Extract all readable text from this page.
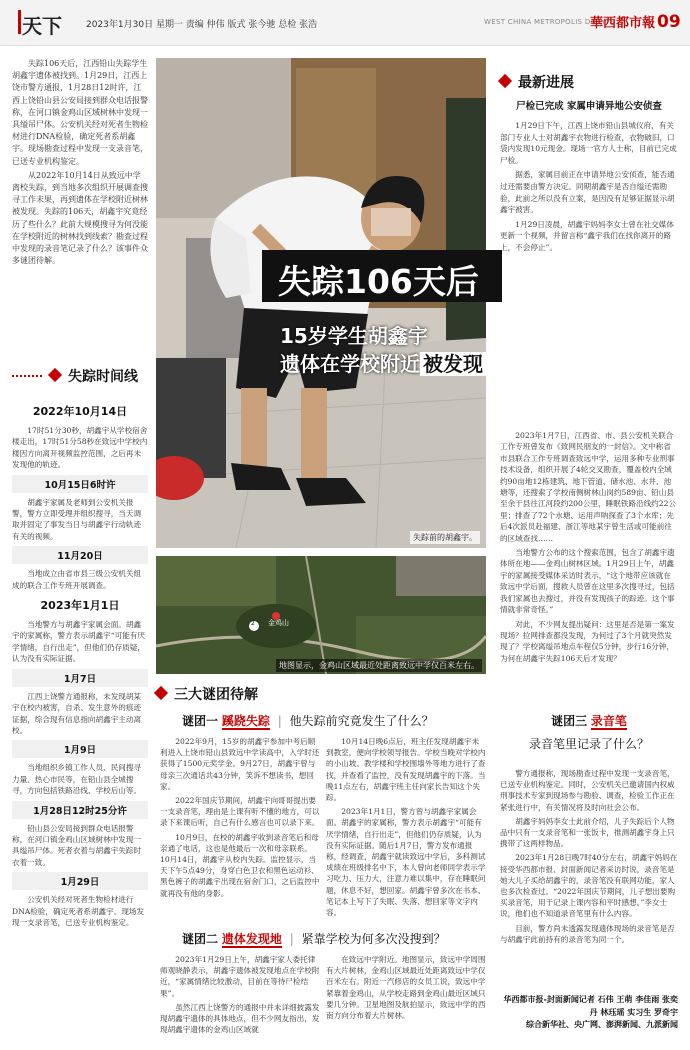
天下	2023年1月30日 星期一 责编 仲伟 版式 张今驰 总检 张浩	WEST CHINA METROPOLIS DAILY
華西都市報 09

失踪106天后，江西铅山失踪学生胡鑫宇遗体被找到。1月29日，江西上饶市警方通报，1月28日12时许，江西上饶铅山县公安局接到群众电话报警称，在河口镇金鸡山区域树林中发现一具缢吊尸体。公安机关经对死者生物检材进行DNA检验，确定死者系胡鑫宇。现场勘查过程中发现一支录音笔，已送专业机构鉴定。

从2022年10月14日从致远中学离校失踪，到当地多次组织开展调查搜寻工作未果，再到遗体在学校附近树林被发现。失踪的106天，胡鑫宇究竟经历了些什么？此前大规模搜寻为何没能在学校附近的树林找到线索？勘查过程中发现的录音笔记录了什么？该事件众多谜团待解。

失踪时间线
2022年10月14日

17时51分30秒，胡鑫宇从学校宿舍楼走出，17时51分58秒在致远中学校内楼因方向离开视频监控范围，之后再未发现他的轨迹。

10月15日6时许

胡鑫宇家属及老师到公安机关报警，警方立即受理并组织搜寻，当天调取并固定了事发当日与胡鑫宇行动轨迹有关的视频。

11月20日

当地成立由省市县三级公安机关组成的联合工作专班开展调查。

2023年1月1日

当地警方与胡鑫宇家属会面。胡鑫宇的家属称，警方表示胡鑫宇“可能有厌学情绪，自行出走”，但他们仍存质疑，认为没有实际证据。

1月7日

江西上饶警方通报称，未发现胡某宇在校内被害，自杀、发生意外的痕迹证据，综合现有信息指向胡鑫宇主动离校。

1月9日

当地组织乡镇工作人员、民间搜寻力量、热心市民等，在铅山县全城搜寻，方向包括铁路沿线、学校后山等。

1月28日12时25分许

铅山县公安局接到群众电话报警称，在河口镇金鸡山区域树林中发现一具缢吊尸体。死者衣着与胡鑫宇失踪时衣着一致。

1月29日

公安机关经对死者生物检材进行DNA检验，确定死者系胡鑫宇。现场发现一支录音笔，已送专业机构鉴定。

失踪前的胡鑫宇。
失踪106天后
15岁学生胡鑫宇
遗体在学校附近 被发现
金鸡山
2
地图显示，金鸡山区域最近处距离致远中学仅百米左右。
最新进展
尸检已完成 家属申请异地公安侦查

1月29日下午，江西上饶市铅山县城仪府，有关部门专业人士对胡鑫宇衣物进行检查，衣物破旧，口袋内发现10元现金。现场一官方人士称，目前已完成尸检。

据悉，家属目前正在申请异地公安侦查，能否通过还需要由警方决定。同期胡鑫宇是否自缢还需勘验，此前之所以没有立案，是因没有足够证据显示胡鑫宇被害。

1月29日凌晨，胡鑫宇妈妈李女士曾在社交媒体更新一个视频，并留言称“鑫宇我们在找你离开的路上，不会停止”。

2023年1月7日，江西省、市、县公安机关联合工作专班曾发布《致网民朋友的一封信》。文中称省市县联合工作专班调查致远中学，运用多种专业刑事技术设备，组织开展了4轮交叉勘查，覆盖校内全域约90亩地12栋建筑、地下管道、储水池、水井、池塘等，还搜索了学校南侧树林山岗约589亩、铅山县至余干县往江河段约200公里，睡眠铁路沿线约22公里；排查了72个水塘、运用声呐探查了3个水库；先后4次派员赴福建、浙江等地某宇曾生活或可能前往的区域查找……

当地警方公布的这个搜索范围，包含了胡鑫宇遗体所在地——金鸡山树林区域。1月29日上午，胡鑫宇的家属接受媒体采访时表示，“这个地带应该就在致远中学后面，搜救人员曾在这里多次搜寻过，包括我们家属也去搜过，并没有发现孩子的踪迹。这个事情就非常奇怪。”

对此，不少网友提出疑问：这里是否是第一案发现场？拉网排查都没发现，为何过了3个月就突然发现了？学校离缢吊地点车程仅5分钟，步行16分钟，为何在胡鑫宇失踪106天后才发现？

三大谜团待解
谜团一 蹊跷失踪 | 他失踪前究竟发生了什么？

2022年9月，15岁的胡鑫宇参加中考后顺利进入上饶市铅山县致远中学读高中，入学时还获得了1500元奖学金。9月27日，胡鑫宇曾与母亲三次通话共43分钟，笑诉不想读书，想回家。

2022年国庆节期间，胡鑫宇向哥哥提出要一支录音笔，理由是上课有听不懂的地方，可以录下来课后听，自己有什么感言也可以录下来。

10月9日，在校的胡鑫宇收到录音笔后和母亲通了电话，这也是他最后一次和母亲联系。10月14日，胡鑫宇从校内失踪。监控显示，当天下午5点49分，身穿白色卫衣和黑色运动衫、黑色裤子的胡鑫宇出现在宿舍门口，之后监控中就再没有他的身影。

10月14日晚6点后，班主任发现胡鑫宇未到教室，便向学校领导报告。学校当晚对学校内的小山坡、教学楼和学校围墙外等地方进行了查找，并查看了监控，没有发现胡鑫宇的下落。当晚11点左右，胡鑫宇班主任向家长告知这个失踪。

2023年1月1日，警方曾与胡鑫宇家属会面。胡鑫宇的家属称，警方表示胡鑫宇“可能有厌学情绪，自行出走”，但他们仍存质疑，认为没有实际证据。随后1月7日，警方发布通报称，经调查，胡鑫宇就读致远中学后，多科测试成绩在班级排名中下，本人曾向老师同学表示学习吃力、压力大，注意力难以集中，存在睡眠问题，休息不好，想回家。胡鑫宇曾多次在书本、笔记本上写下了失眠、失落、想回家等文字内容。

谜团二 遗体发现地 | 紧靠学校为何多次没搜到？

2023年1月29日上午，胡鑫宇家人委托律师观晓静表示，胡鑫宇遗体被发现地点在学校附近，“家属情绪比较激动，目前在等待尸检结果”。

虽然江西上饶警方的通报中并未详细披露发现胡鑫宇遗体的具体地点，但不少网友指出，发现胡鑫宇遗体的金鸡山区域就

在致远中学附近。地图显示，致远中学周围有大片树林，金鸡山区域最近处距离致远中学仅百米左右。附近一汽修店的女员工说，致远中学紧靠着金鸡山，从学校走路到金鸡山最近区域只要几分钟。卫星地图及航拍显示，致远中学的西南方向分布着大片树林。

谜团三 录音笔
录音笔里记录了什么？

警方通报称，现场勘查过程中发现一支录音笔，已送专业机构鉴定。同时，公安机关已邀请国内权威刑事技术专家到现场参与勘验、调查，检验工作正在紧张进行中，有关情况将及时向社会公布。

胡鑫宇妈妈李女士此前介绍，儿子失踪后个人物品中只有一支录音笔和一张饭卡，推测胡鑫宇身上只携带了这两样物品。

2023年1月28日晚7时40分左右，胡鑫宇妈妈在接受华西都市报、封面新闻记者采访时说，录音笔是她大儿子买给胡鑫宇的，录音笔没有联网功能，家人也多次检查过。“2022年国庆节期间，儿子想出要购买录音笔，用于记录上课内容和平时感想。”李女士说，他们也不知道录音笔里有什么内容。

目前，警方尚未透露发现遗体现场的录音笔是否与胡鑫宇此前持有的录音笔为同一个。

华西都市报-封面新闻记者 石伟 王萌 李佳雨 张奕丹 林珏瑶 实习生 罗奇宇
综合新华社、央广网、澎湃新闻、九派新闻
